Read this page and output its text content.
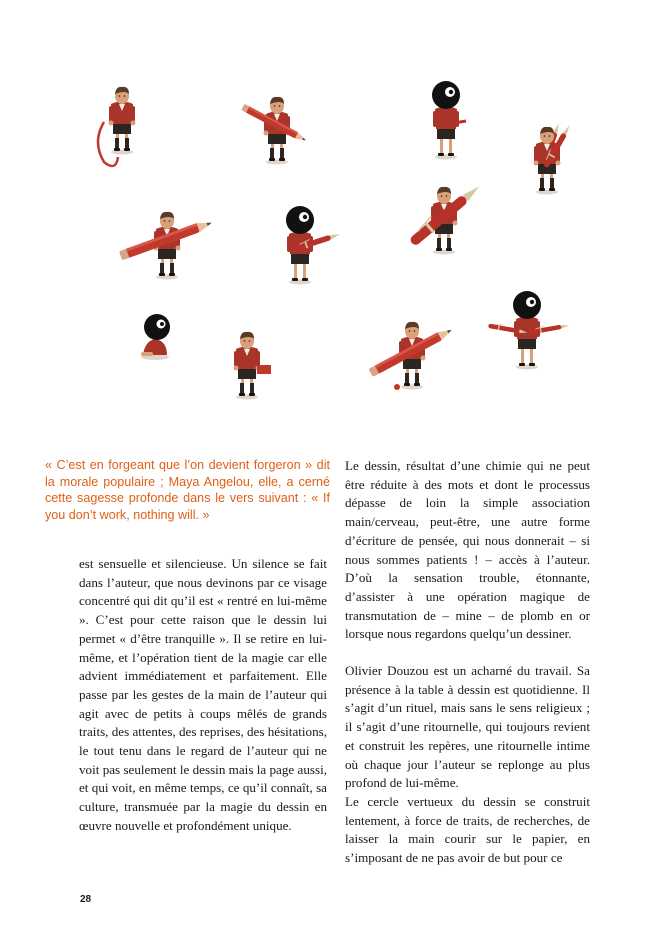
« C’est en forgeant que l’on devient forgeron » dit la morale populaire ; Maya Angelou, elle, a cerné cette sagesse profonde dans le vers suivant : « If you don’t work, nothing will. »

est sensuelle et silencieuse. Un silence se fait dans l’auteur, que nous devinons par ce visage concentré qui dit qu’il est « rentré en lui-même ». C’est pour cette raison que le dessin lui permet « d’être tranquille ». Il se retire en lui-même, et l’opération tient de la magie car elle advient immédiatement et parfaitement. Elle passe par les gestes de la main de l’auteur qui agit avec de petits à coups mêlés de grands traits, des attentes, des reprises, des hésitations, le tout tenu dans le regard de l’auteur qui ne voit pas seulement le dessin mais la page aussi, et qui voit, en même temps, ce qu’il connaît, sa culture, transmuée par la magie du dessin en œuvre nouvelle et profondément unique.

Le dessin, résultat d’une chimie qui ne peut être réduite à des mots et dont le processus dépasse de loin la simple association main/cerveau, peut-être, une autre forme d’écriture de pensée, qui nous donnerait – si nous sommes patients ! – accès à l’auteur. D’où la sensation trouble, étonnante, d’assister à une opération magique de transmutation de – mine – de plomb en or lorsque nous regardons quelqu’un dessiner.

Olivier Douzou est un acharné du travail. Sa présence à la table à dessin est quotidienne. Il s’agit d’un rituel, mais sans le sens religieux ; il s’agit d’une ritournelle, qui toujours revient et construit les repères, une ritournelle intime où chaque jour l’auteur se replonge au plus profond de lui-même.

Le cercle vertueux du dessin se construit lentement, à force de traits, de recherches, de laisser la main courir sur le papier, en s’imposant de ne pas avoir de but pour ce

28
